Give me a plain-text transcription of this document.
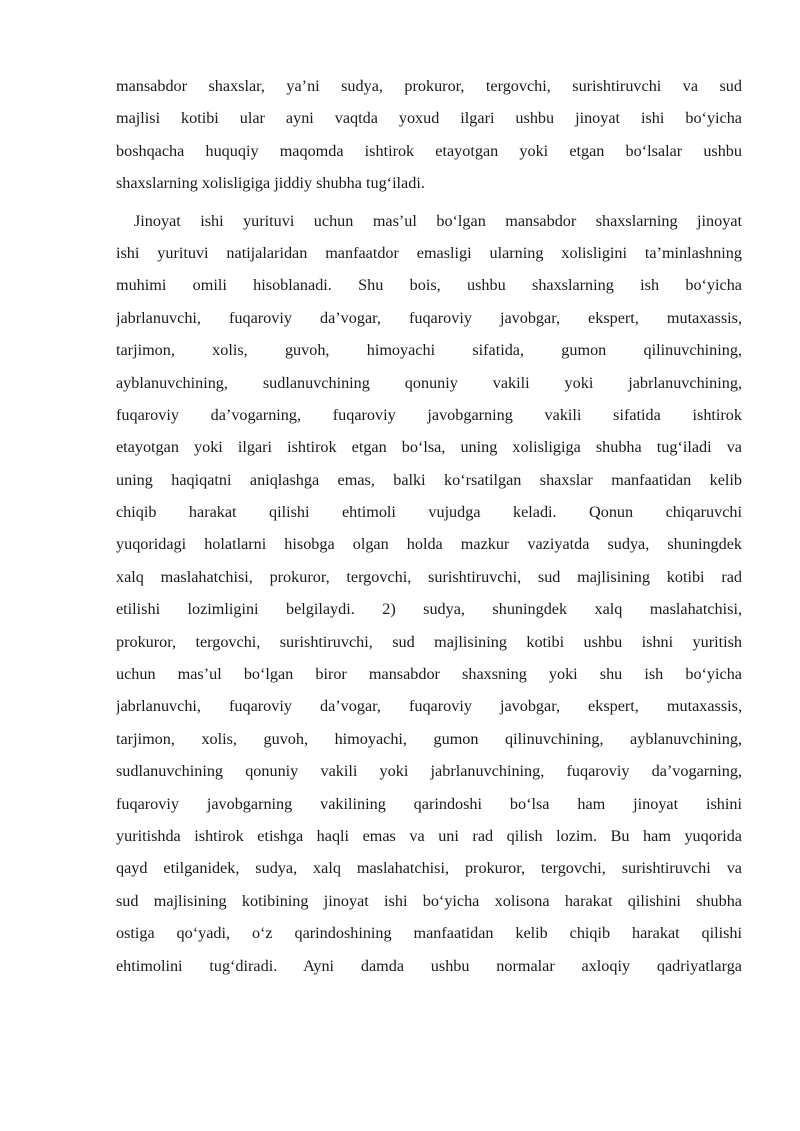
mansabdor shaxslar, ya’ni sudya, prokuror, tergovchi, surishtiruvchi va sud
majlisi kotibi ular ayni vaqtda yoxud ilgari ushbu jinoyat ishi bo‘yicha
boshqacha huquqiy maqomda ishtirok etayotgan yoki etgan bo‘lsalar ushbu
shaxslarning xolisligiga jiddiy shubha tug‘iladi.
Jinoyat ishi yurituvi uchun mas’ul bo‘lgan mansabdor shaxslarning jinoyat
ishi yurituvi natijalaridan manfaatdor emasligi ularning xolisligini ta’minlashning
muhimi omili hisoblanadi. Shu bois, ushbu shaxslarning ish bo‘yicha
jabrlanuvchi, fuqaroviy da’vogar, fuqaroviy javobgar, ekspert, mutaxassis,
tarjimon, xolis, guvoh, himoyachi sifatida, gumon qilinuvchining,
ayblanuvchining, sudlanuvchining qonuniy vakili yoki jabrlanuvchining,
fuqaroviy da’vogarning, fuqaroviy javobgarning vakili sifatida ishtirok
etayotgan yoki ilgari ishtirok etgan bo‘lsa, uning xolisligiga shubha tug‘iladi va
uning haqiqatni aniqlashga emas, balki ko‘rsatilgan shaxslar manfaatidan kelib
chiqib harakat qilishi ehtimoli vujudga keladi. Qonun chiqaruvchi
yuqoridagi holatlarni hisobga olgan holda mazkur vaziyatda sudya, shuningdek
xalq maslahatchisi, prokuror, tergovchi, surishtiruvchi, sud majlisining kotibi rad
etilishi lozimligini belgilaydi. 2) sudya, shuningdek xalq maslahatchisi,
prokuror, tergovchi, surishtiruvchi, sud majlisining kotibi ushbu ishni yuritish
uchun mas’ul bo‘lgan biror mansabdor shaxsning yoki shu ish bo‘yicha
jabrlanuvchi, fuqaroviy da’vogar, fuqaroviy javobgar, ekspert, mutaxassis,
tarjimon, xolis, guvoh, himoyachi, gumon qilinuvchining, ayblanuvchining,
sudlanuvchining qonuniy vakili yoki jabrlanuvchining, fuqaroviy da’vogarning,
fuqaroviy javobgarning vakilining qarindoshi bo‘lsa ham jinoyat ishini
yuritishda ishtirok etishga haqli emas va uni rad qilish lozim. Bu ham yuqorida
qayd etilganidek, sudya, xalq maslahatchisi, prokuror, tergovchi, surishtiruvchi va
sud majlisining kotibining jinoyat ishi bo‘yicha xolisona harakat qilishini shubha
ostiga qo‘yadi, o‘z qarindoshining manfaatidan kelib chiqib harakat qilishi
ehtimolini tug‘diradi. Ayni damda ushbu normalar axloqiy qadriyatlarga
